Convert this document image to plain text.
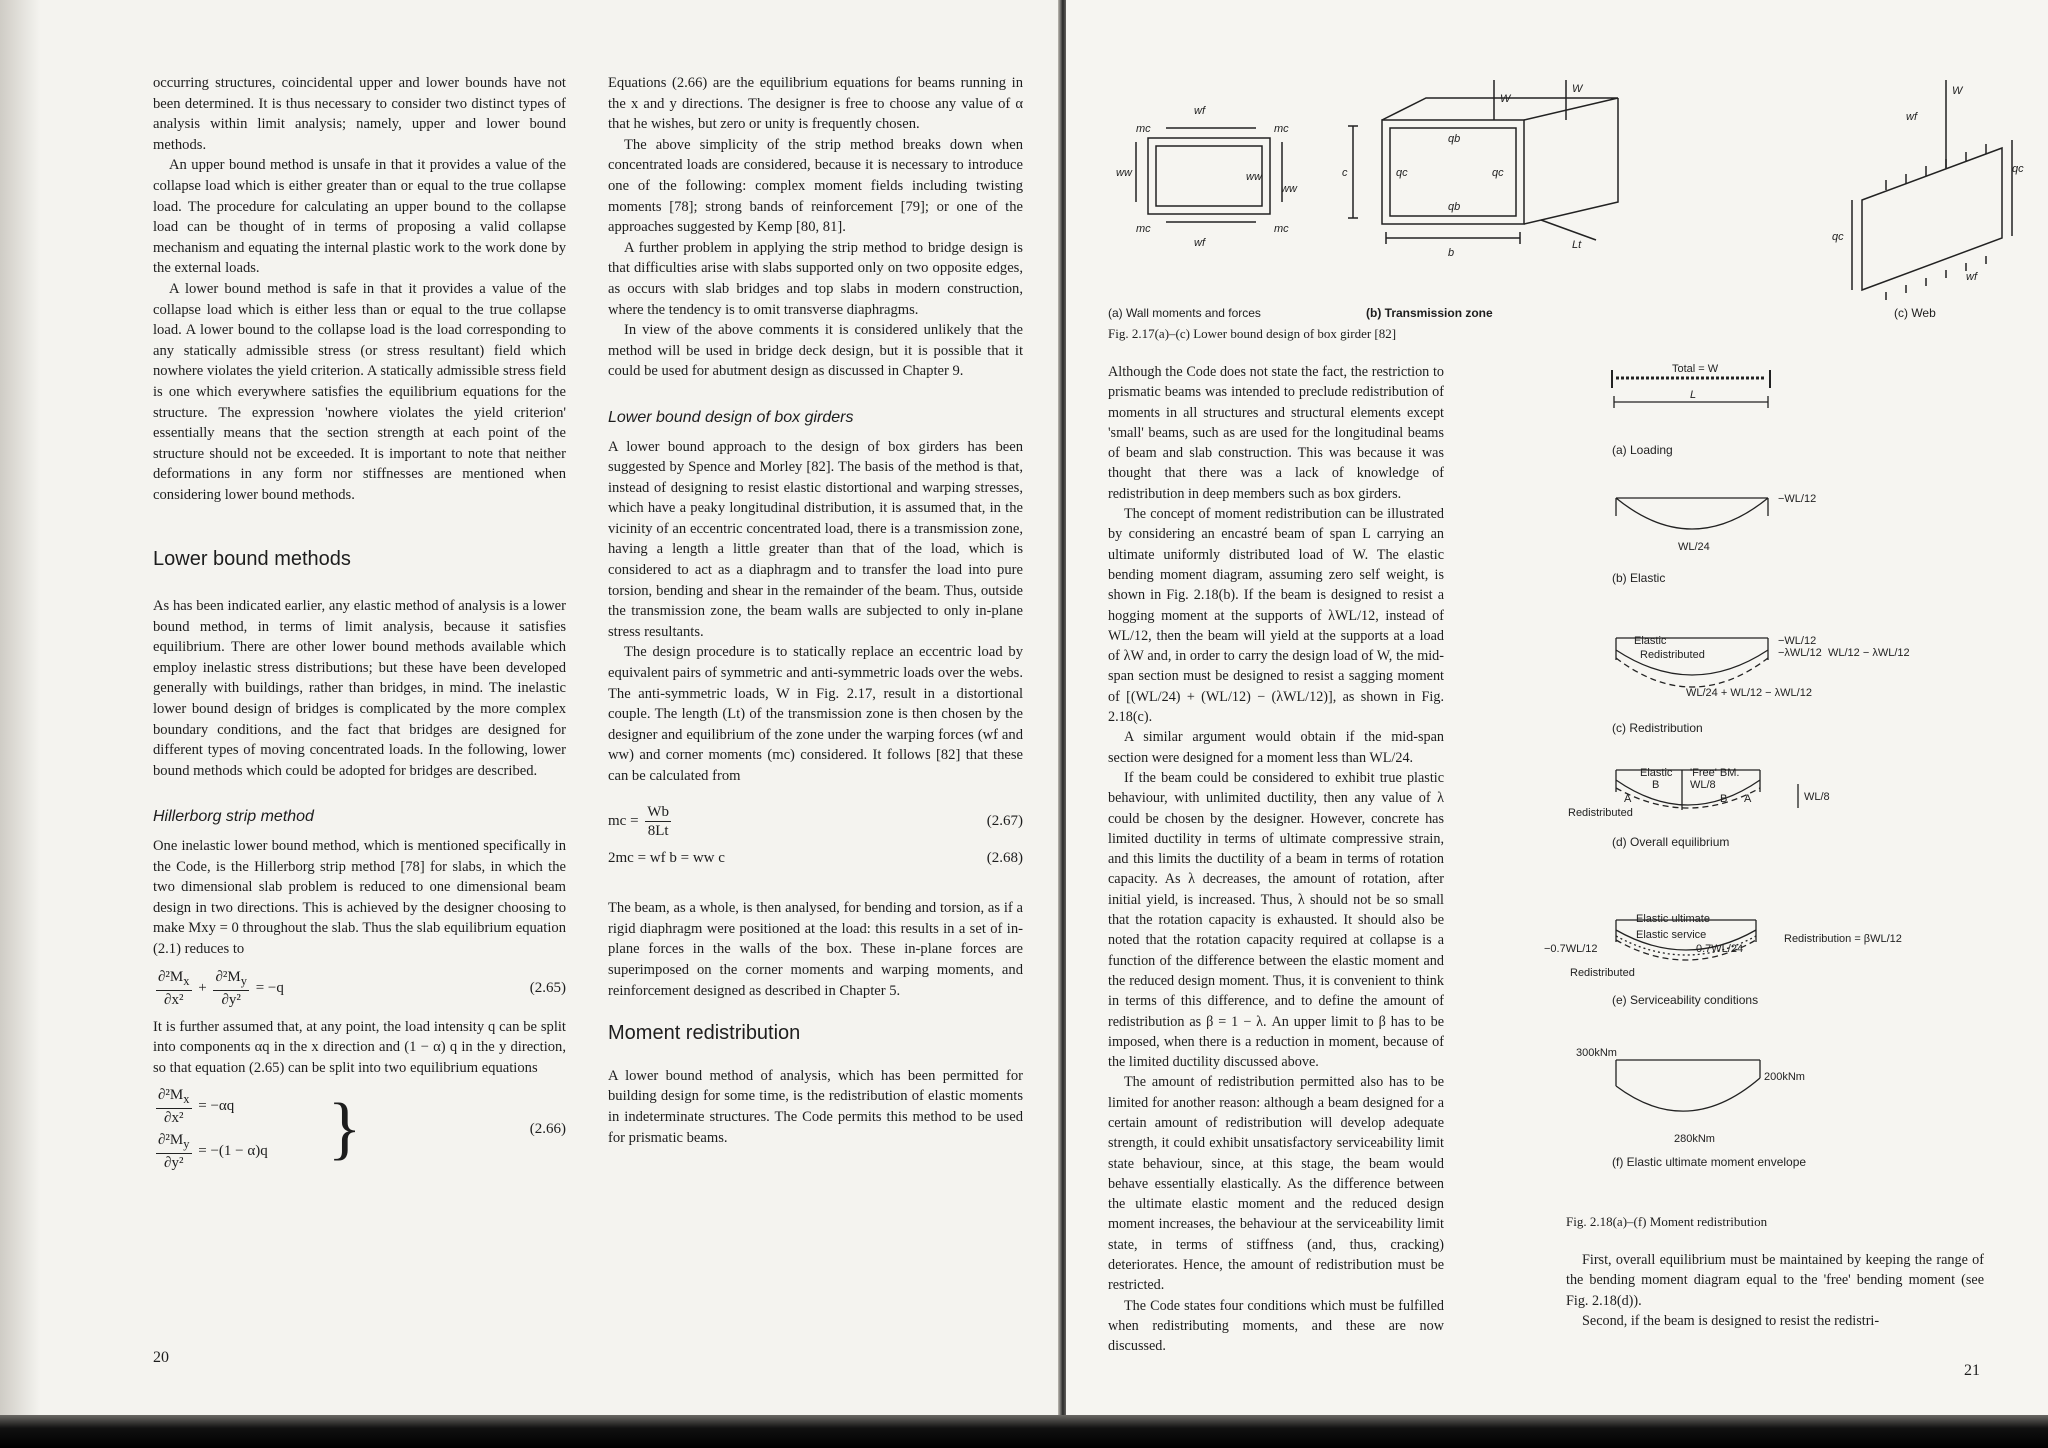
occurring structures, coincidental upper and lower bounds have not been determined. It is thus necessary to consider two distinct types of analysis within limit analysis; namely, upper and lower bound methods.

An upper bound method is unsafe in that it provides a value of the collapse load which is either greater than or equal to the true collapse load. The procedure for calculating an upper bound to the collapse load can be thought of in terms of proposing a valid collapse mechanism and equating the internal plastic work to the work done by the external loads.

A lower bound method is safe in that it provides a value of the collapse load which is either less than or equal to the true collapse load. A lower bound to the collapse load is the load corresponding to any statically admissible stress (or stress resultant) field which nowhere violates the yield criterion. A statically admissible stress field is one which everywhere satisfies the equilibrium equations for the structure. The expression 'nowhere violates the yield criterion' essentially means that the section strength at each point of the structure should not be exceeded. It is important to note that neither deformations in any form nor stiffnesses are mentioned when considering lower bound methods.

Lower bound methods

As has been indicated earlier, any elastic method of analysis is a lower bound method, in terms of limit analysis, because it satisfies equilibrium. There are other lower bound methods available which employ inelastic stress distributions; but these have been developed generally with buildings, rather than bridges, in mind. The inelastic lower bound design of bridges is complicated by the more complex boundary conditions, and the fact that bridges are designed for different types of moving concentrated loads. In the following, lower bound methods which could be adopted for bridges are described.

Hillerborg strip method

One inelastic lower bound method, which is mentioned specifically in the Code, is the Hillerborg strip method [78] for slabs, in which the two dimensional slab problem is reduced to one dimensional beam design in two directions. This is achieved by the designer choosing to make Mxy = 0 throughout the slab. Thus the slab equilibrium equation (2.1) reduces to

$\frac{\partial^2M_x}{\text{∂x²}} + \frac{\partial^2M_y}{\text{∂y²}} = -q$	(2.65)

It is further assumed that, at any point, the load intensity q can be split into components αq in the x direction and (1 − α) q in the y direction, so that equation (2.65) can be split into two equilibrium equations

$\frac{\partial^2M_x}{\text{∂x²}} = -\alpha q$
$\frac{\partial^2M_y}{\text{∂y²}} = -(1 - \alpha)q$ }	(2.66)
20

Equations (2.66) are the equilibrium equations for beams running in the x and y directions. The designer is free to choose any value of α that he wishes, but zero or unity is frequently chosen.

The above simplicity of the strip method breaks down when concentrated loads are considered, because it is necessary to introduce one of the following: complex moment fields including twisting moments [78]; strong bands of reinforcement [79]; or one of the approaches suggested by Kemp [80, 81].

A further problem in applying the strip method to bridge design is that difficulties arise with slabs supported only on two opposite edges, as occurs with slab bridges and top slabs in modern construction, where the tendency is to omit transverse diaphragms.

In view of the above comments it is considered unlikely that the method will be used in bridge deck design, but it is possible that it could be used for abutment design as discussed in Chapter 9.

Lower bound design of box girders

A lower bound approach to the design of box girders has been suggested by Spence and Morley [82]. The basis of the method is that, instead of designing to resist elastic distortional and warping stresses, which have a peaky longitudinal distribution, it is assumed that, in the vicinity of an eccentric concentrated load, there is a transmission zone, having a length a little greater than that of the load, which is considered to act as a diaphragm and to transfer the load into pure torsion, bending and shear in the remainder of the beam. Thus, outside the transmission zone, the beam walls are subjected to only in-plane stress resultants.

The design procedure is to statically replace an eccentric load by equivalent pairs of symmetric and anti-symmetric loads over the webs. The anti-symmetric loads, W in Fig. 2.17, result in a distortional couple. The length (Lt) of the transmission zone is then chosen by the designer and equilibrium of the zone under the warping forces (wf and ww) and corner moments (mc) considered. It follows [82] that these can be calculated from

mc = $\frac{Wb}{8Lt}$	(2.67)
2mc = wf b = ww c	(2.68)

The beam, as a whole, is then analysed, for bending and torsion, as if a rigid diaphragm were positioned at the load: this results in a set of in-plane forces in the walls of the box. These in-plane forces are superimposed on the corner moments and warping moments, and reinforcement designed as described in Chapter 5.

Moment redistribution

A lower bound method of analysis, which has been permitted for building design for some time, is the redistribution of elastic moments in indeterminate structures. The Code permits this method to be used for prismatic beams.

wf
mc	mc
ww
ww
ww
wf
mc	mc
c
qb
qb
qc	qc
b
Lt
W
W	W
wf
wf
qc
qc
(a) Wall moments and forces	(b) Transmission zone	(c) Web
Fig. 2.17(a)–(c) Lower bound design of box girder [82]

Although the Code does not state the fact, the restriction to prismatic beams was intended to preclude redistribution of moments in all structures and structural elements except 'small' beams, such as are used for the longitudinal beams of beam and slab construction. This was because it was thought that there was a lack of knowledge of redistribution in deep members such as box girders.

The concept of moment redistribution can be illustrated by considering an encastré beam of span L carrying an ultimate uniformly distributed load of W. The elastic bending moment diagram, assuming zero self weight, is shown in Fig. 2.18(b). If the beam is designed to resist a hogging moment at the supports of λWL/12, instead of WL/12, then the beam will yield at the supports at a load of λW and, in order to carry the design load of W, the mid-span section must be designed to resist a sagging moment of [(WL/24) + (WL/12) − (λWL/12)], as shown in Fig. 2.18(c).

A similar argument would obtain if the mid-span section were designed for a moment less than WL/24.

If the beam could be considered to exhibit true plastic behaviour, with unlimited ductility, then any value of λ could be chosen by the designer. However, concrete has limited ductility in terms of ultimate compressive strain, and this limits the ductility of a beam in terms of rotation capacity. As λ decreases, the amount of rotation, after initial yield, is increased. Thus, λ should not be so small that the rotation capacity is exhausted. It should also be noted that the rotation capacity required at collapse is a function of the difference between the elastic moment and the reduced design moment. Thus, it is convenient to think in terms of this difference, and to define the amount of redistribution as β = 1 − λ. An upper limit to β has to be imposed, when there is a reduction in moment, because of the limited ductility discussed above.

The amount of redistribution permitted also has to be limited for another reason: although a beam designed for a certain amount of redistribution will develop adequate strength, it could exhibit unsatisfactory serviceability limit state behaviour, since, at this stage, the beam would behave essentially elastically. As the difference between the ultimate elastic moment and the reduced design moment increases, the behaviour at the serviceability limit state, in terms of stiffness (and, thus, cracking) deteriorates. Hence, the amount of redistribution must be restricted.

The Code states four conditions which must be fulfilled when redistributing moments, and these are now discussed.

Total = W
L
−WL/12
WL/24
Elastic
Redistributed
−WL/12
−λWL/12
WL/24 + WL/12 − λWL/12
WL/12 − λWL/12
Elastic 'Free' BM.
WL/8
B
A	B A
Redistributed
WL/8
Elastic ultimate
Elastic service
−0.7WL/12	0.7WL/24
Redistribution = βWL/12
Redistributed
300kNm
200kNm
280kNm
(a) Loading
(b) Elastic
(c) Redistribution
(d) Overall equilibrium
(e) Serviceability conditions
(f) Elastic ultimate moment envelope
Fig. 2.18(a)–(f) Moment redistribution

First, overall equilibrium must be maintained by keeping the range of the bending moment diagram equal to the 'free' bending moment (see Fig. 2.18(d)).

Second, if the beam is designed to resist the redistri-

21
